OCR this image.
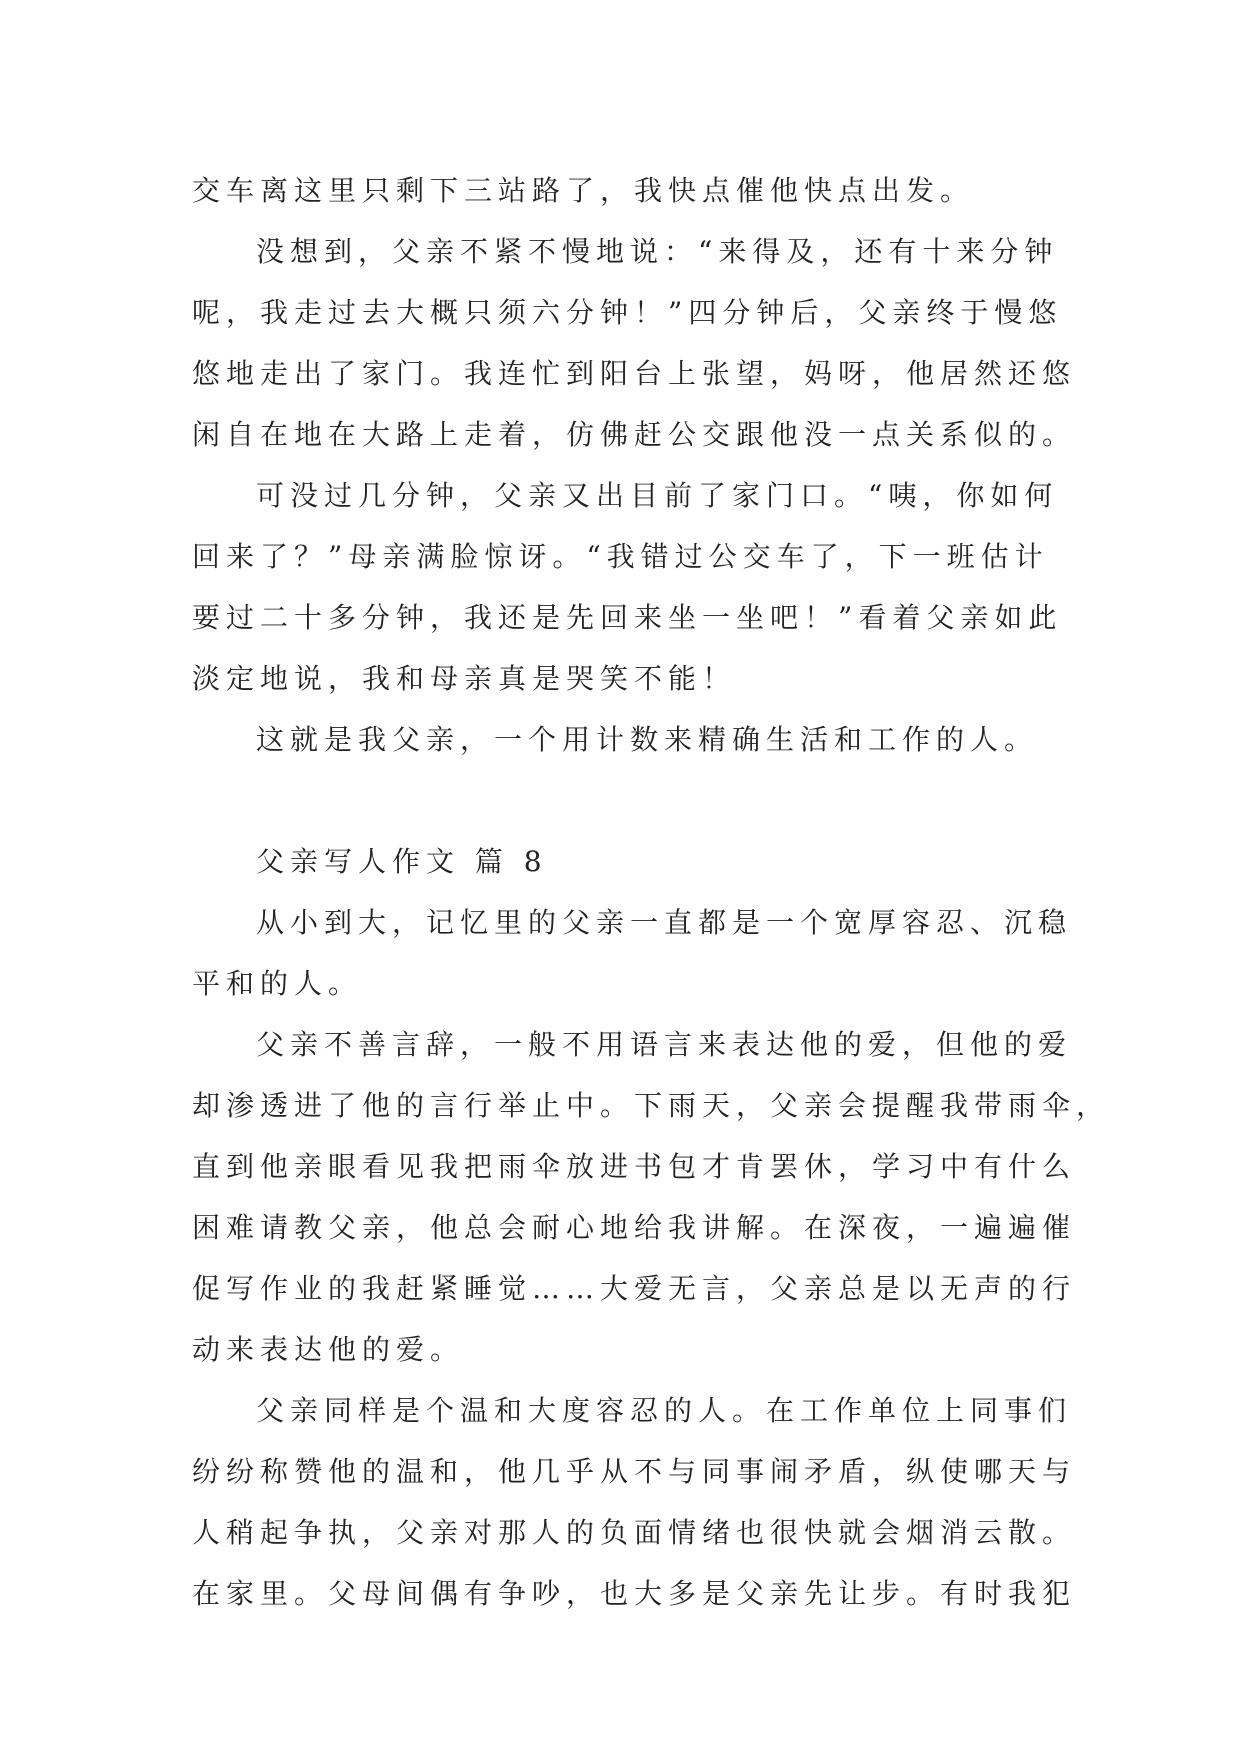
交车离这里只剩下三站路了，我快点催他快点出发。
没想到，父亲不紧不慢地说：“来得及，还有十来分钟
呢，我走过去大概只须六分钟！”四分钟后，父亲终于慢悠
悠地走出了家门。我连忙到阳台上张望，妈呀，他居然还悠
闲自在地在大路上走着，仿佛赶公交跟他没一点关系似的。
可没过几分钟，父亲又出目前了家门口。“咦，你如何
回来了？”母亲满脸惊讶。“我错过公交车了，下一班估计
要过二十多分钟，我还是先回来坐一坐吧！”看着父亲如此
淡定地说，我和母亲真是哭笑不能！
这就是我父亲，一个用计数来精确生活和工作的人。
父亲写人作文 篇 8
从小到大，记忆里的父亲一直都是一个宽厚容忍、沉稳
平和的人。
父亲不善言辞，一般不用语言来表达他的爱，但他的爱
却渗透进了他的言行举止中。下雨天，父亲会提醒我带雨伞，
直到他亲眼看见我把雨伞放进书包才肯罢休，学习中有什么
困难请教父亲，他总会耐心地给我讲解。在深夜，一遍遍催
促写作业的我赶紧睡觉……大爱无言，父亲总是以无声的行
动来表达他的爱。
父亲同样是个温和大度容忍的人。在工作单位上同事们
纷纷称赞他的温和，他几乎从不与同事闹矛盾，纵使哪天与
人稍起争执，父亲对那人的负面情绪也很快就会烟消云散。
在家里。父母间偶有争吵，也大多是父亲先让步。有时我犯
